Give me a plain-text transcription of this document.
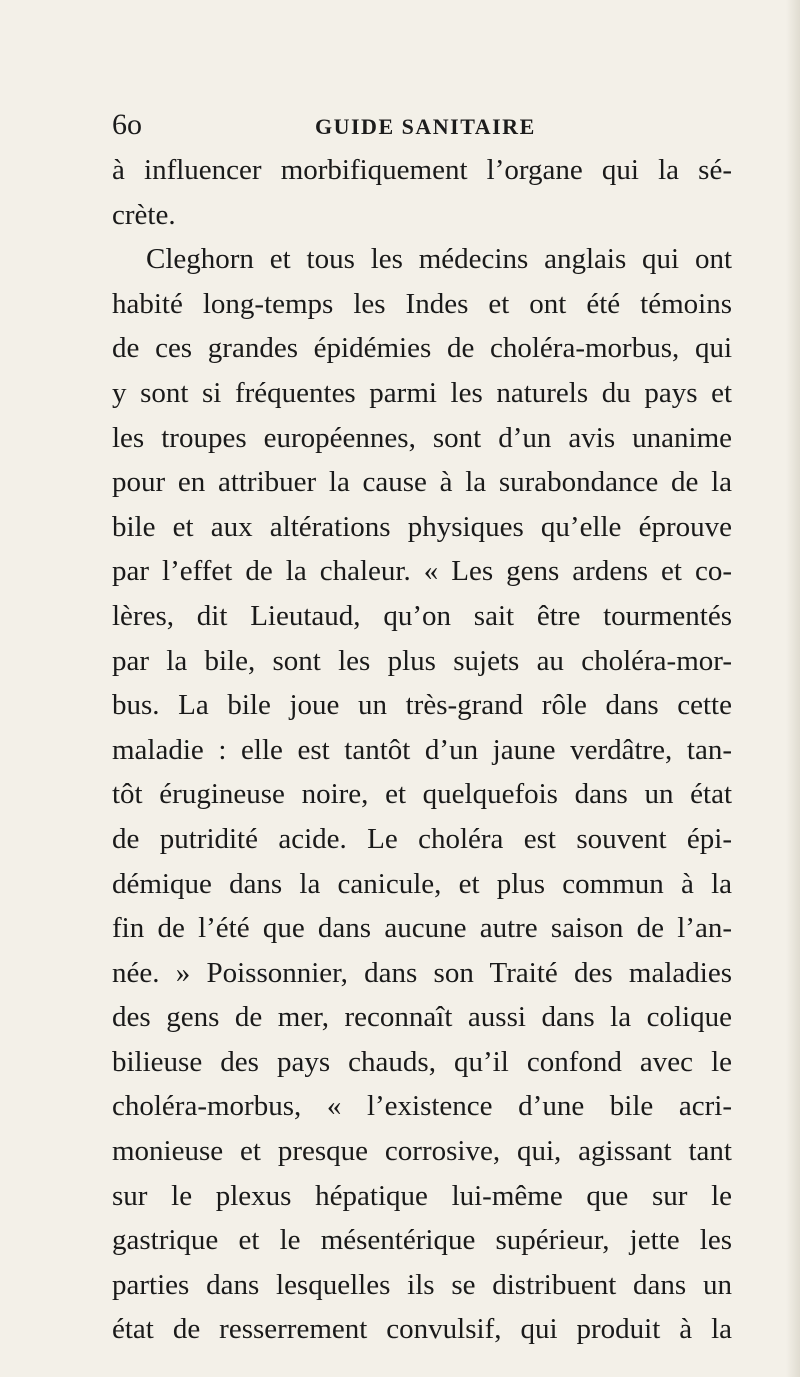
6o	GUIDE SANITAIRE
à influencer morbifiquement l’organe qui la sé-
crète.
Cleghorn et tous les médecins anglais qui ont
habité long-temps les Indes et ont été témoins
de ces grandes épidémies de choléra-morbus, qui
y sont si fréquentes parmi les naturels du pays et
les troupes européennes, sont d’un avis unanime
pour en attribuer la cause à la surabondance de la
bile et aux altérations physiques qu’elle éprouve
par l’effet de la chaleur. « Les gens ardens et co-
lères, dit Lieutaud, qu’on sait être tourmentés
par la bile, sont les plus sujets au choléra-mor-
bus. La bile joue un très-grand rôle dans cette
maladie : elle est tantôt d’un jaune verdâtre, tan-
tôt érugineuse noire, et quelquefois dans un état
de putridité acide. Le choléra est souvent épi-
démique dans la canicule, et plus commun à la
fin de l’été que dans aucune autre saison de l’an-
née. » Poissonnier, dans son Traité des maladies
des gens de mer, reconnaît aussi dans la colique
bilieuse des pays chauds, qu’il confond avec le
choléra-morbus, « l’existence d’une bile acri-
monieuse et presque corrosive, qui, agissant tant
sur le plexus hépatique lui-même que sur le
gastrique et le mésentérique supérieur, jette les
parties dans lesquelles ils se distribuent dans un
état de resserrement convulsif, qui produit à la
